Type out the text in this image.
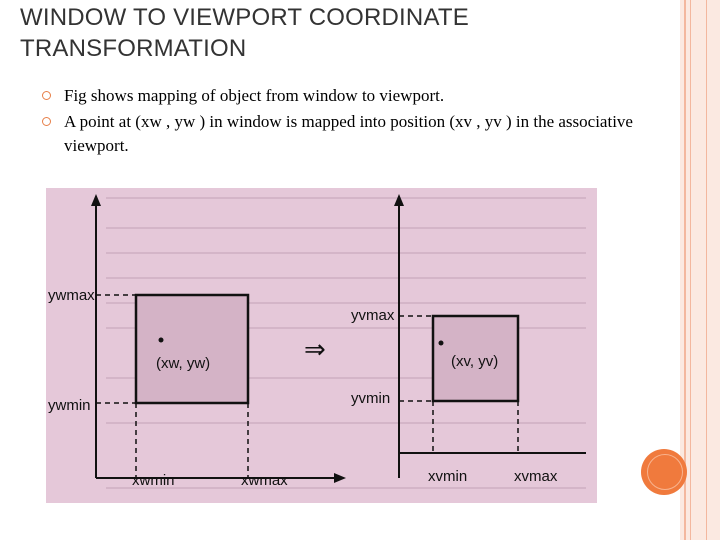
WINDOW TO VIEWPORT COORDINATE
TRANSFORMATION
Fig shows mapping of object from window to viewport.
A point at (xw , yw ) in window is mapped into position (xv , yv ) in the associative viewport.
ywmax
ywmin
xwmin	xwmax
(xw, yw)	⇒
yvmax
yvmin
(xv, yv)
xvmin	xvmax
